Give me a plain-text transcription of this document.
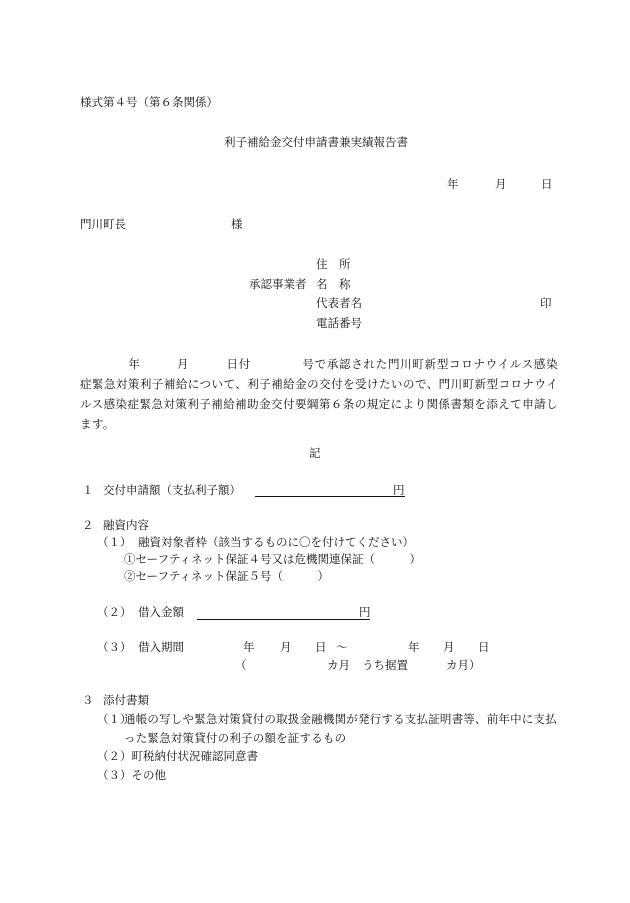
様式第４号（第６条関係）
利子補給金交付申請書兼実績報告書
年	月	日
門川町長	様
住　所
承認事業者 名　称
代表者名	印
電話番号
年	月	日付	号で承認された門川町新型コロナウイルス感染症緊急対策利子補給について、利子補給金の交付を受けたいので、門川町新型コロナウイルス感染症緊急対策利子補給補助金交付要綱第６条の規定により関係書類を添えて申請します。
記
１ 交付申請額（支払利子額）	円
２ 融資内容
（１） 融資対象者枠（該当するものに〇を付けてください）
①セーフティネット保証４号又は危機関連保証（　　　）
②セーフティネット保証５号（　　　）
（２） 借入金額	円
（３） 借入期間	年 月 日 ～	年 月 日
（	カ月 うち据置	カ月）
３ 添付書類
（１）
通帳の写しや緊急対策貸付の取扱金融機関が発行する支払証明書等、前年中に支払った緊急対策貸付の利子の額を証するもの
（２）町税納付状況確認同意書
（３）その他
